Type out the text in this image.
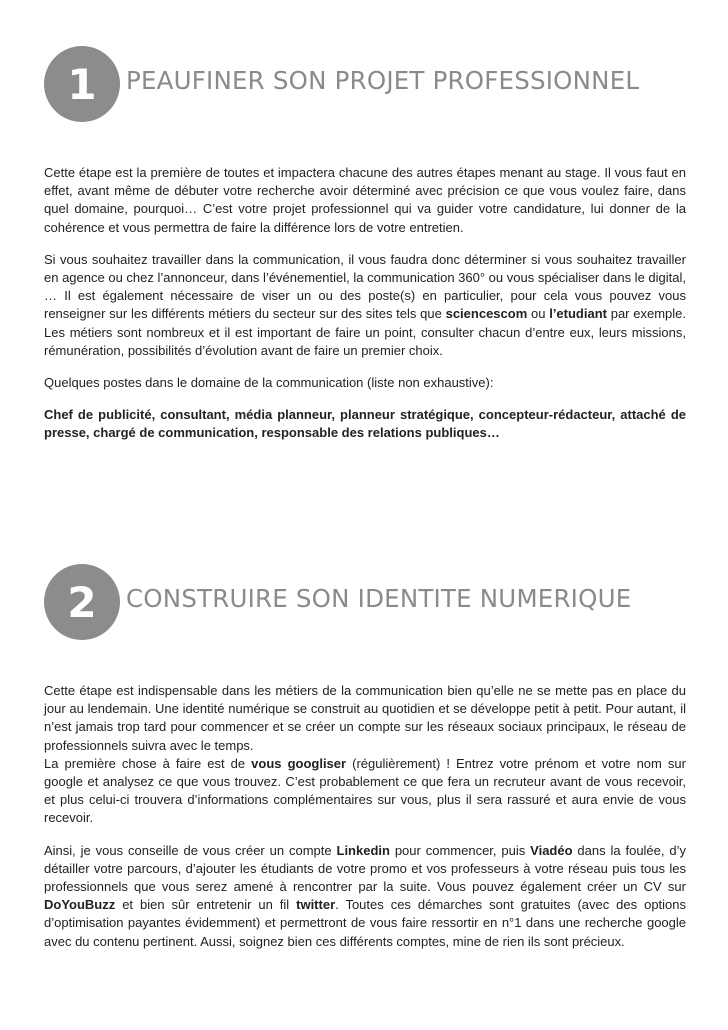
1	PEAUFINER SON PROJET PROFESSIONNEL

Cette étape est la première de toutes et impactera chacune des autres étapes menant au stage. Il vous faut en effet, avant même de débuter votre recherche avoir déterminé avec précision ce que vous voulez faire, dans quel domaine, pourquoi… C’est votre projet professionnel qui va guider votre candidature, lui donner de la cohérence et vous permettra de faire la différence lors de votre entretien.

Si vous souhaitez travailler dans la communication, il vous faudra donc déterminer si vous souhaitez travailler en agence ou chez l’annonceur, dans l’événementiel, la communication 360° ou vous spécialiser dans le digital, … Il est également nécessaire de viser un ou des poste(s) en particulier, pour cela vous pouvez vous renseigner sur les différents métiers du secteur sur des sites tels que sciencescom ou l’etudiant par exemple. Les métiers sont nombreux et il est important de faire un point, consulter chacun d’entre eux, leurs missions, rémunération, possibilités d’évolution avant de faire un premier choix.

Quelques postes dans le domaine de la communication (liste non exhaustive):

Chef de publicité, consultant, média planneur, planneur stratégique, concepteur-rédacteur, attaché de presse, chargé de communication, responsable des relations publiques…

2	CONSTRUIRE SON IDENTITE NUMERIQUE

Cette étape est indispensable dans les métiers de la communication bien qu’elle ne se mette pas en place du jour au lendemain. Une identité numérique se construit au quotidien et se développe petit à petit. Pour autant, il n’est jamais trop tard pour commencer et se créer un compte sur les réseaux sociaux principaux, le réseau de professionnels suivra avec le temps.

La première chose à faire est de vous googliser (régulièrement) ! Entrez votre prénom et votre nom sur google et analysez ce que vous trouvez. C’est probablement ce que fera un recruteur avant de vous recevoir, et plus celui-ci trouvera d’informations complémentaires sur vous, plus il sera rassuré et aura envie de vous recevoir.

Ainsi, je vous conseille de vous créer un compte Linkedin pour commencer, puis Viadéo dans la foulée, d’y détailler votre parcours, d’ajouter les étudiants de votre promo et vos professeurs à votre réseau puis tous les professionnels que vous serez amené à rencontrer par la suite. Vous pouvez également créer un CV sur DoYouBuzz et bien sûr entretenir un fil twitter. Toutes ces démarches sont gratuites (avec des options d’optimisation payantes évidemment) et permettront de vous faire ressortir en n°1 dans une recherche google avec du contenu pertinent. Aussi, soignez bien ces différents comptes, mine de rien ils sont précieux.
